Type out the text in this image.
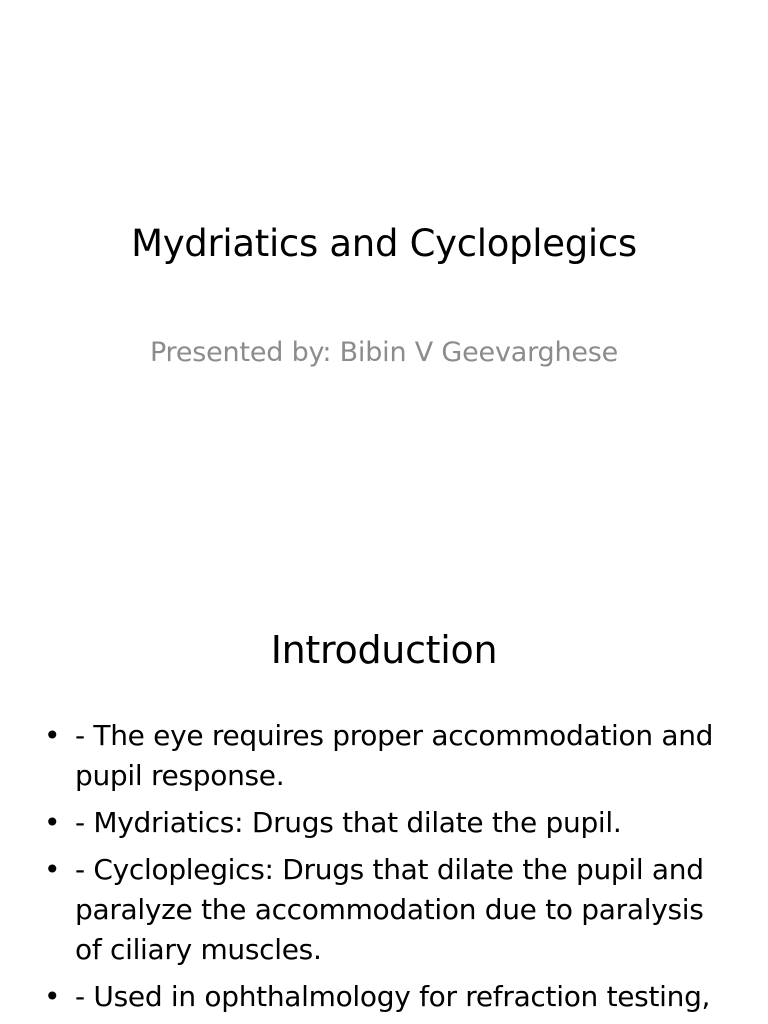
Mydriatics and Cycloplegics
Presented by: Bibin V Geevarghese
Introduction
• - The eye requires proper accommodation and pupil response.
• - Mydriatics: Drugs that dilate the pupil.
• - Cycloplegics: Drugs that dilate the pupil and paralyze the accommodation due to paralysis of ciliary muscles.
• - Used in ophthalmology for refraction testing,
